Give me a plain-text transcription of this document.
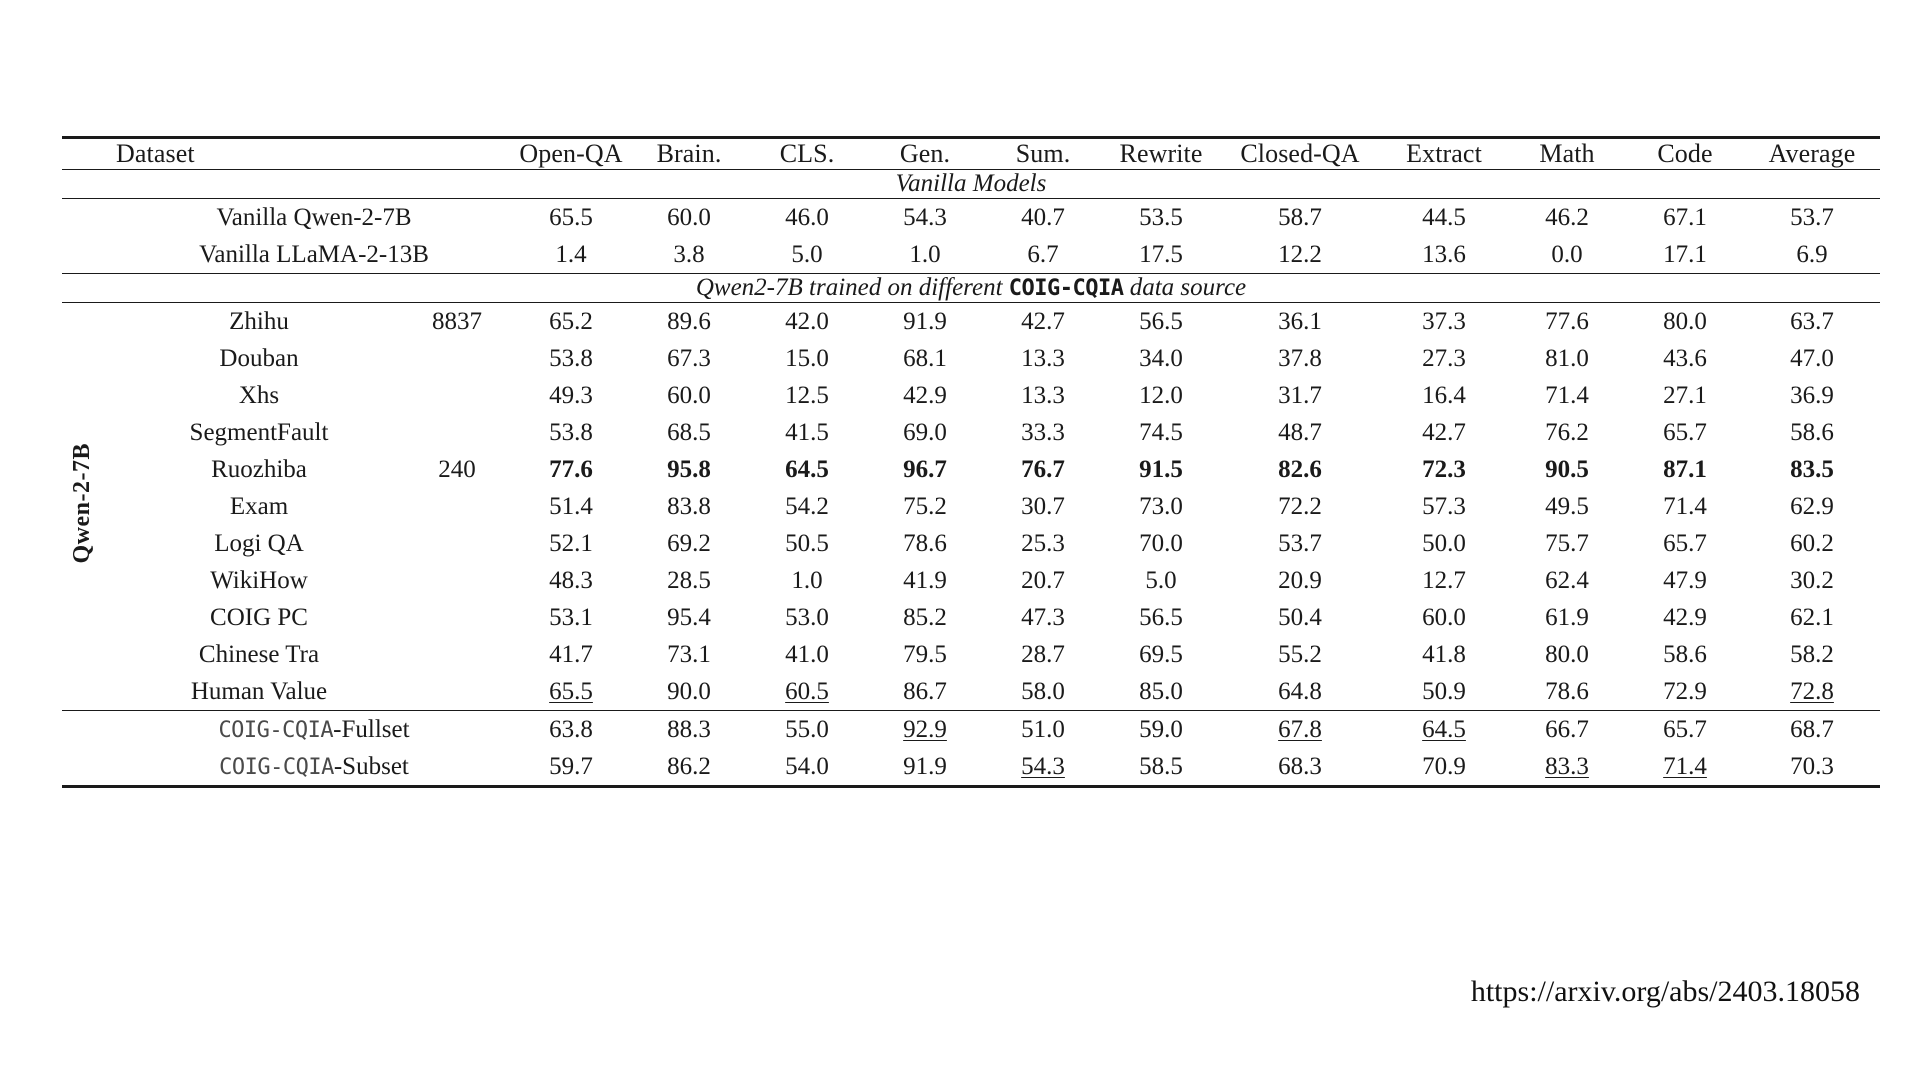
	Dataset		Open-QA	Brain.	CLS.	Gen.	Sum.	Rewrite	Closed-QA	Extract	Math	Code	Average
Vanilla Models													
	Vanilla Qwen-2-7B		65.5	60.0	46.0	54.3	40.7	53.5	58.7	44.5	46.2	67.1	53.7
	Vanilla LLaMA-2-13B		1.4	3.8	5.0	1.0	6.7	17.5	12.2	13.6	0.0	17.1	6.9
Qwen2-7B trained on different COIG-CQIA data source													
Qwen-2-7B	Zhihu	8837	65.2	89.6	42.0	91.9	42.7	56.5	36.1	37.3	77.6	80.0	63.7
	Douban		53.8	67.3	15.0	68.1	13.3	34.0	37.8	27.3	81.0	43.6	47.0
	Xhs		49.3	60.0	12.5	42.9	13.3	12.0	31.7	16.4	71.4	27.1	36.9
	SegmentFault		53.8	68.5	41.5	69.0	33.3	74.5	48.7	42.7	76.2	65.7	58.6
	Ruozhiba	240	77.6	95.8	64.5	96.7	76.7	91.5	82.6	72.3	90.5	87.1	83.5
	Exam		51.4	83.8	54.2	75.2	30.7	73.0	72.2	57.3	49.5	71.4	62.9
	Logi QA		52.1	69.2	50.5	78.6	25.3	70.0	53.7	50.0	75.7	65.7	60.2
	WikiHow		48.3	28.5	1.0	41.9	20.7	5.0	20.9	12.7	62.4	47.9	30.2
	COIG PC		53.1	95.4	53.0	85.2	47.3	56.5	50.4	60.0	61.9	42.9	62.1
	Chinese Tra		41.7	73.1	41.0	79.5	28.7	69.5	55.2	41.8	80.0	58.6	58.2
	Human Value		65.5	90.0	60.5	86.7	58.0	85.0	64.8	50.9	78.6	72.9	72.8
	COIG-CQIA-Fullset		63.8	88.3	55.0	92.9	51.0	59.0	67.8	64.5	66.7	65.7	68.7
	COIG-CQIA-Subset		59.7	86.2	54.0	91.9	54.3	58.5	68.3	70.9	83.3	71.4	70.3

https://arxiv.org/abs/2403.18058
